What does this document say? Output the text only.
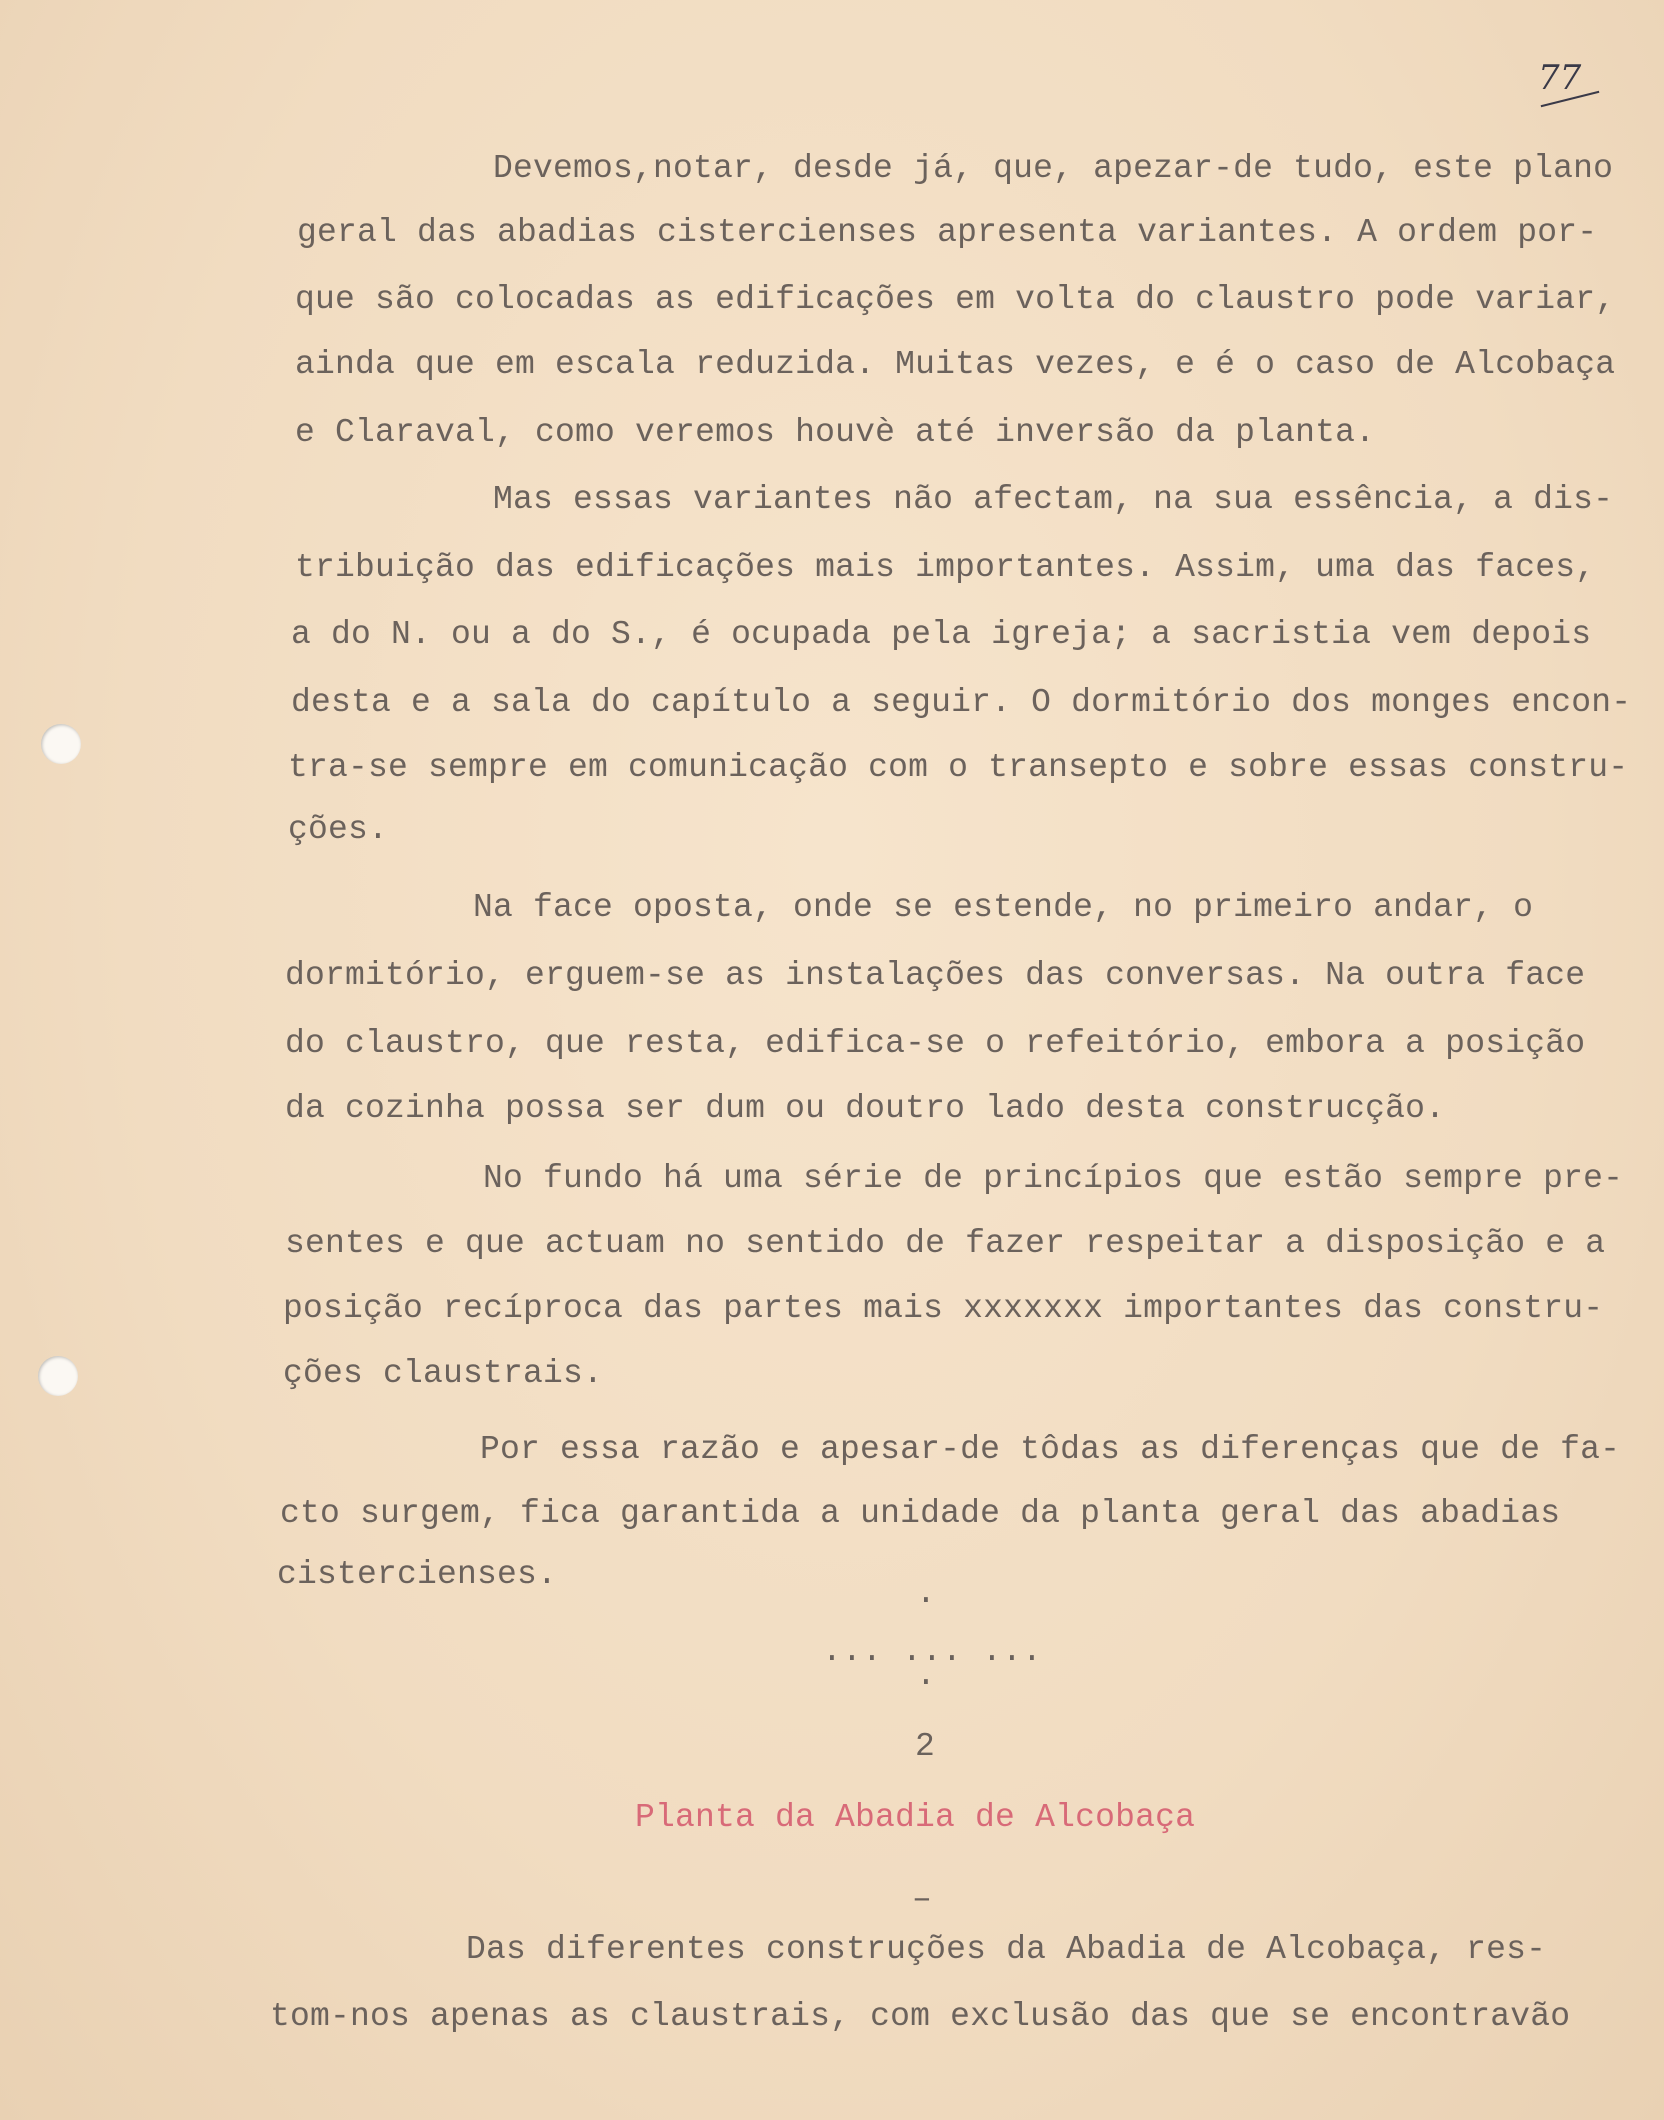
77
Devemos,notar, desde já, que, apezar-de tudo, este plano
geral das abadias cistercienses apresenta variantes. A ordem por-
que são colocadas as edificações em volta do claustro pode variar,
ainda que em escala reduzida. Muitas vezes, e é o caso de Alcobaça
e Claraval, como veremos houvè até inversão da planta.
Mas essas variantes não afectam, na sua essência, a dis-
tribuição das edificações mais importantes. Assim, uma das faces,
a do N. ou a do S., é ocupada pela igreja; a sacristia vem depois
desta e a sala do capítulo a seguir. O dormitório dos monges encon-
tra-se sempre em comunicação com o transepto e sobre essas constru-
ções.
Na face oposta, onde se estende, no primeiro andar, o
dormitório, erguem-se as instalações das conversas. Na outra face
do claustro, que resta, edifica-se o refeitório, embora a posição
da cozinha possa ser dum ou doutro lado desta construcção.
No fundo há uma série de princípios que estão sempre pre-
sentes e que actuam no sentido de fazer respeitar a disposição e a
posição recíproca das partes mais xxxxxxx importantes das constru-
ções claustrais.
Por essa razão e apesar-de tôdas as diferenças que de fa-
cto surgem, fica garantida a unidade da planta geral das abadias
cistercienses.
·
... ... ...
·
2
Planta da Abadia de Alcobaça
–
Das diferentes construções da Abadia de Alcobaça, res-
tom-nos apenas as claustrais, com exclusão das que se encontravão
